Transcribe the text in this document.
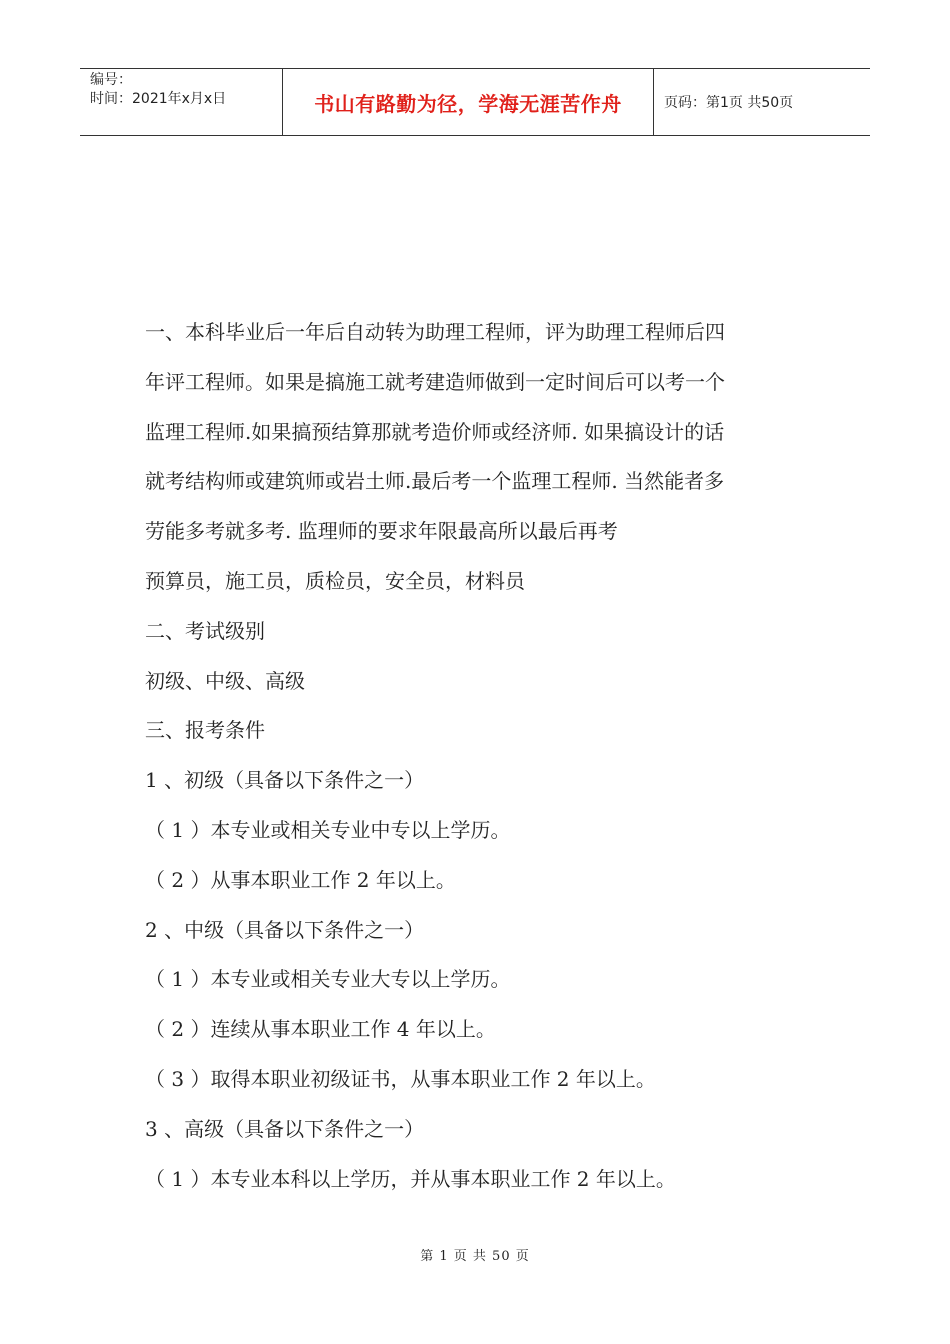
编号：
时间：2021年x月x日	书山有路勤为径，学海无涯苦作舟	页码：第1页 共50页
一、本科毕业后一年后自动转为助理工程师，评为助理工程师后四
年评工程师。如果是搞施工就考建造师做到一定时间后可以考一个
监理工程师.如果搞预结算那就考造价师或经济师. 如果搞设计的话
就考结构师或建筑师或岩土师.最后考一个监理工程师. 当然能者多
劳能多考就多考. 监理师的要求年限最高所以最后再考
预算员，施工员，质检员，安全员，材料员
二、考试级别
初级、中级、高级
三、报考条件
1 、初级（具备以下条件之一）
（ 1 ）本专业或相关专业中专以上学历。
（ 2 ）从事本职业工作 2 年以上。
2 、中级（具备以下条件之一）
（ 1 ）本专业或相关专业大专以上学历。
（ 2 ）连续从事本职业工作 4 年以上。
（ 3 ）取得本职业初级证书，从事本职业工作 2 年以上。
3 、高级（具备以下条件之一）
（ 1 ）本专业本科以上学历，并从事本职业工作 2 年以上。
第 1 页 共 50 页
